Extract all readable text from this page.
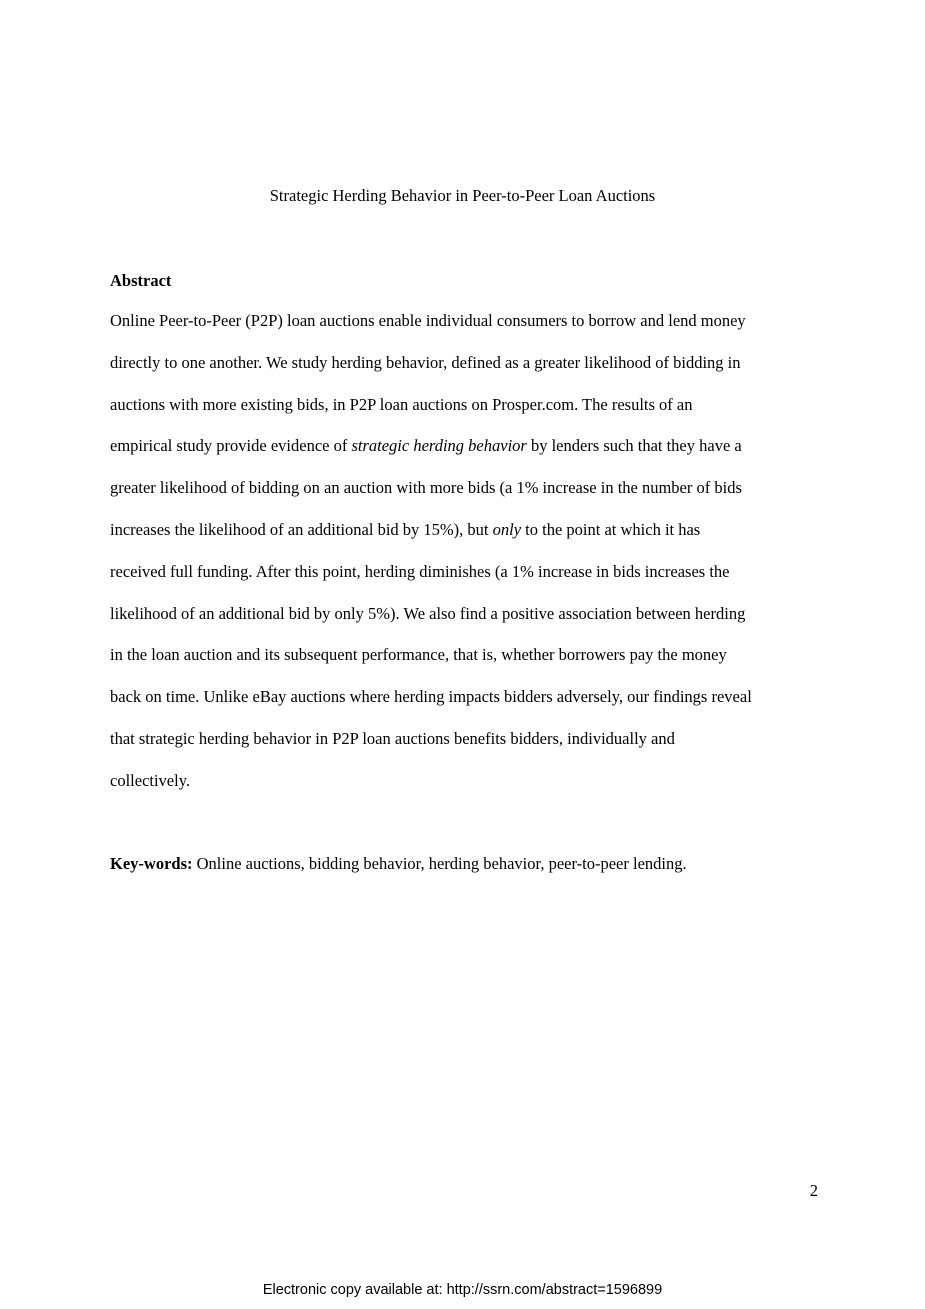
Strategic Herding Behavior in Peer-to-Peer Loan Auctions
Abstract

Online Peer-to-Peer (P2P) loan auctions enable individual consumers to borrow and lend money
directly to one another. We study herding behavior, defined as a greater likelihood of bidding in
auctions with more existing bids, in P2P loan auctions on Prosper.com. The results of an
empirical study provide evidence of strategic herding behavior by lenders such that they have a
greater likelihood of bidding on an auction with more bids (a 1% increase in the number of bids
increases the likelihood of an additional bid by 15%), but only to the point at which it has
received full funding. After this point, herding diminishes (a 1% increase in bids increases the
likelihood of an additional bid by only 5%). We also find a positive association between herding
in the loan auction and its subsequent performance, that is, whether borrowers pay the money
back on time. Unlike eBay auctions where herding impacts bidders adversely, our findings reveal
that strategic herding behavior in P2P loan auctions benefits bidders, individually and
collectively.

Key-words: Online auctions, bidding behavior, herding behavior, peer-to-peer lending.

2
Electronic copy available at: http://ssrn.com/abstract=1596899
